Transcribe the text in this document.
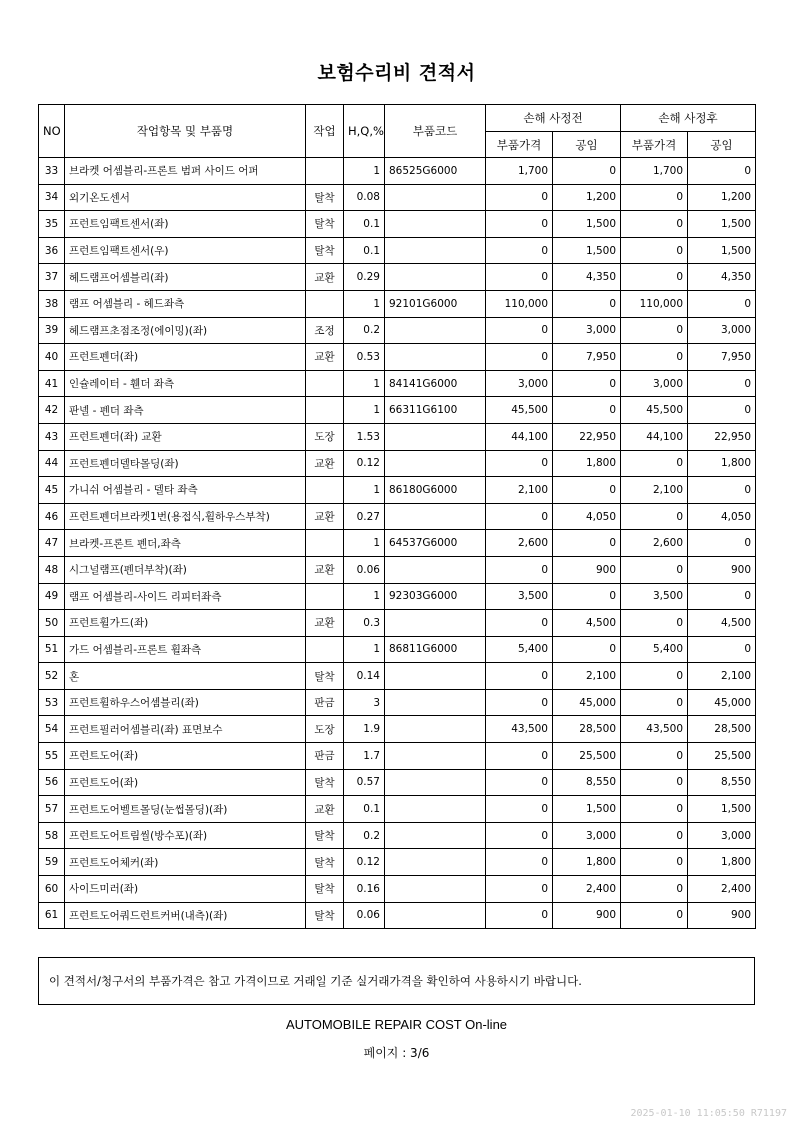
보험수리비 견적서
NO	작업항목 및 부품명	작업	H,Q,%	부품코드	손해 사정전		손해 사정후	
					부품가격	공임	부품가격	공임
33	브라켓 어셈블리-프론트 범퍼 사이드 어퍼		1	86525G6000	1,700	0	1,700	0
34	외기온도센서	탈착	0.08		0	1,200	0	1,200
35	프런트임팩트센서(좌)	탈착	0.1		0	1,500	0	1,500
36	프런트임팩트센서(우)	탈착	0.1		0	1,500	0	1,500
37	헤드램프어셈블리(좌)	교환	0.29		0	4,350	0	4,350
38	램프 어셈블리 - 헤드좌측		1	92101G6000	110,000	0	110,000	0
39	헤드램프초점조정(에이밍)(좌)	조정	0.2		0	3,000	0	3,000
40	프런트펜더(좌)	교환	0.53		0	7,950	0	7,950
41	인슐레이터 - 휀더 좌측		1	84141G6000	3,000	0	3,000	0
42	판넬 - 펜더 좌측		1	66311G6100	45,500	0	45,500	0
43	프런트펜더(좌) 교환	도장	1.53		44,100	22,950	44,100	22,950
44	프런트펜더델타몰딩(좌)	교환	0.12		0	1,800	0	1,800
45	가니쉬 어셈블리 - 델타 좌측		1	86180G6000	2,100	0	2,100	0
46	프런트펜더브라켓1번(용접식,휠하우스부착)	교환	0.27		0	4,050	0	4,050
47	브라켓-프론트 펜더,좌측		1	64537G6000	2,600	0	2,600	0
48	시그널램프(펜더부착)(좌)	교환	0.06		0	900	0	900
49	램프 어셈블리-사이드 리피터좌측		1	92303G6000	3,500	0	3,500	0
50	프런트휠가드(좌)	교환	0.3		0	4,500	0	4,500
51	가드 어셈블리-프론트 휠좌측		1	86811G6000	5,400	0	5,400	0
52	혼	탈착	0.14		0	2,100	0	2,100
53	프런트휠하우스어셈블리(좌)	판금	3		0	45,000	0	45,000
54	프런트필러어셈블리(좌) 표면보수	도장	1.9		43,500	28,500	43,500	28,500
55	프런트도어(좌)	판금	1.7		0	25,500	0	25,500
56	프런트도어(좌)	탈착	0.57		0	8,550	0	8,550
57	프런트도어벨트몰딩(눈썹몰딩)(좌)	교환	0.1		0	1,500	0	1,500
58	프런트도어트림씰(방수포)(좌)	탈착	0.2		0	3,000	0	3,000
59	프런트도어체커(좌)	탈착	0.12		0	1,800	0	1,800
60	사이드미러(좌)	탈착	0.16		0	2,400	0	2,400
61	프런트도어쿼드런트커버(내측)(좌)	탈착	0.06		0	900	0	900
이 견적서/청구서의 부품가격은 참고 가격이므로 거래일 기준 실거래가격을 확인하여 사용하시기 바랍니다.
AUTOMOBILE REPAIR COST On-line
페이지 : 3/6
2025-01-10 11:05:50 R71197
